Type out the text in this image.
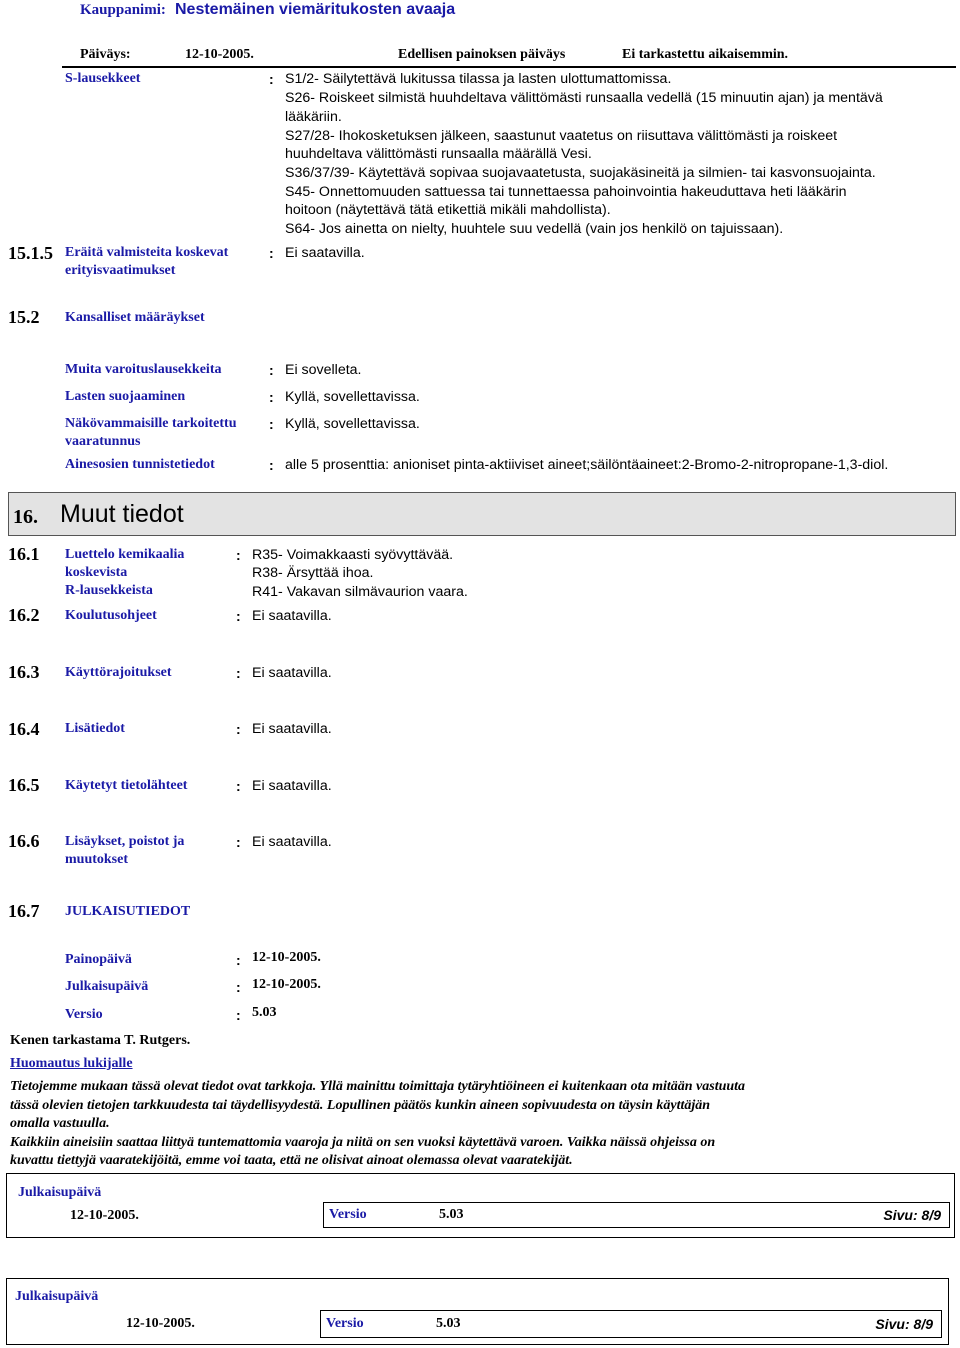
Kauppanimi: Nestemäinen viemäritukosten avaaja
Päiväys:	12-10-2005.	Edellisen painoksen päiväys	Ei tarkastettu aikaisemmin.
S-lausekkeet	: S1/2- Säilytettävä lukitussa tilassa ja lasten ulottumattomissa.
S26- Roiskeet silmistä huuhdeltava välittömästi runsaalla vedellä (15 minuutin ajan) ja mentävä
lääkäriin.
S27/28- Ihokosketuksen jälkeen, saastunut vaatetus on riisuttava välittömästi ja roiskeet
huuhdeltava välittömästi runsaalla määrällä Vesi.
S36/37/39- Käytettävä sopivaa suojavaatetusta, suojakäsineitä ja silmien- tai kasvonsuojainta.
S45- Onnettomuuden sattuessa tai tunnettaessa pahoinvointia hakeuduttava heti lääkärin
hoitoon (näytettävä tätä etikettiä mikäli mahdollista).
S64- Jos ainetta on nielty, huuhtele suu vedellä (vain jos henkilö on tajuissaan).
15.1.5 Eräitä valmisteita koskevat
erityisvaatimukset
: Ei saatavilla.
15.2 Kansalliset määräykset
Muita varoituslausekkeita	: Ei sovelleta.
Lasten suojaaminen	: Kyllä, sovellettavissa.
Näkövammaisille tarkoitettu
vaaratunnus
: Kyllä, sovellettavissa.
Ainesosien tunnistetiedot	: alle 5 prosenttia: anioniset pinta-aktiiviset aineet;säilöntäaineet:2-Bromo-2-nitropropane-1,3-diol.
16. Muut tiedot
16.1 Luettelo kemikaalia
koskevista
R-lausekkeista
: R35- Voimakkaasti syövyttävää.
R38- Ärsyttää ihoa.
R41- Vakavan silmävaurion vaara.
16.2 Koulutusohjeet	: Ei saatavilla.
16.3 Käyttörajoitukset	: Ei saatavilla.
16.4 Lisätiedot	: Ei saatavilla.
16.5 Käytetyt tietolähteet	: Ei saatavilla.
16.6 Lisäykset, poistot ja
muutokset
: Ei saatavilla.
16.7 JULKAISUTIEDOT
Painopäivä	: 12-10-2005.
Julkaisupäivä	: 12-10-2005.
Versio	: 5.03
Kenen tarkastama T. Rutgers.
Huomautus lukijalle
Tietojemme mukaan tässä olevat tiedot ovat tarkkoja. Yllä mainittu toimittaja tytäryhtiöineen ei kuitenkaan ota mitään vastuuta
tässä olevien tietojen tarkkuudesta tai täydellisyydestä. Lopullinen päätös kunkin aineen sopivuudesta on täysin käyttäjän
omalla vastuulla.
Kaikkiin aineisiin saattaa liittyä tuntemattomia vaaroja ja niitä on sen vuoksi käytettävä varoen. Vaikka näissä ohjeissa on
kuvattu tiettyjä vaaratekijöitä, emme voi taata, että ne olisivat ainoat olemassa olevat vaaratekijät.
Julkaisupäivä
12-10-2005.	Versio	5.03	Sivu: 8/9
Julkaisupäivä
12-10-2005.	Versio	5.03	Sivu: 8/9
